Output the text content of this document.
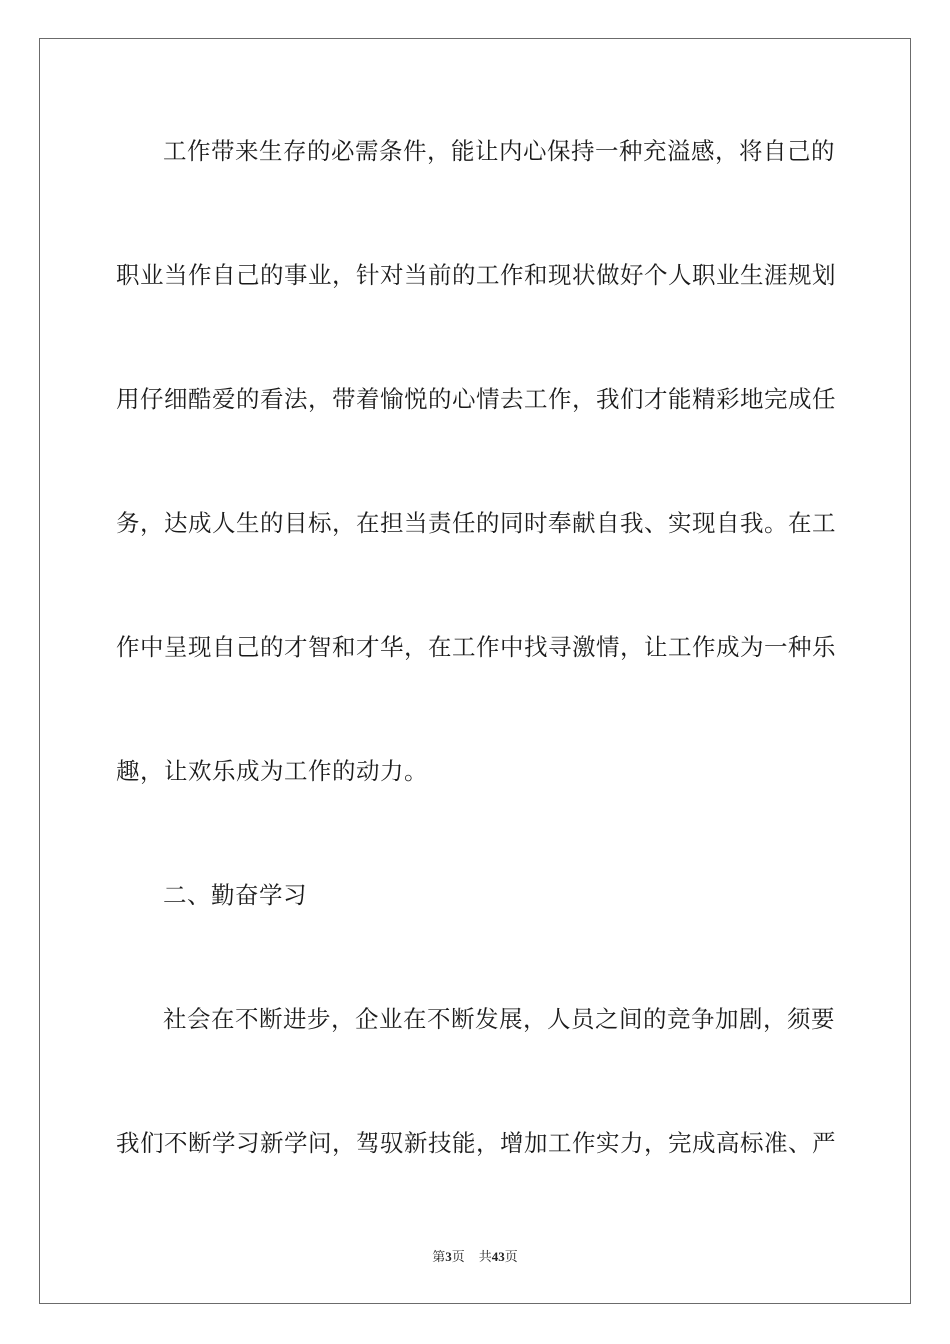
工作带来生存的必需条件，能让内心保持一种充溢感，将自己的
职业当作自己的事业，针对当前的工作和现状做好个人职业生涯规划
用仔细酷爱的看法，带着愉悦的心情去工作，我们才能精彩地完成任
务，达成人生的目标，在担当责任的同时奉献自我、实现自我。在工
作中呈现自己的才智和才华，在工作中找寻激情，让工作成为一种乐
趣，让欢乐成为工作的动力。
二、勤奋学习
社会在不断进步，企业在不断发展，人员之间的竞争加剧，须要
我们不断学习新学问，驾驭新技能，增加工作实力，完成高标准、严
第3页 共43页
